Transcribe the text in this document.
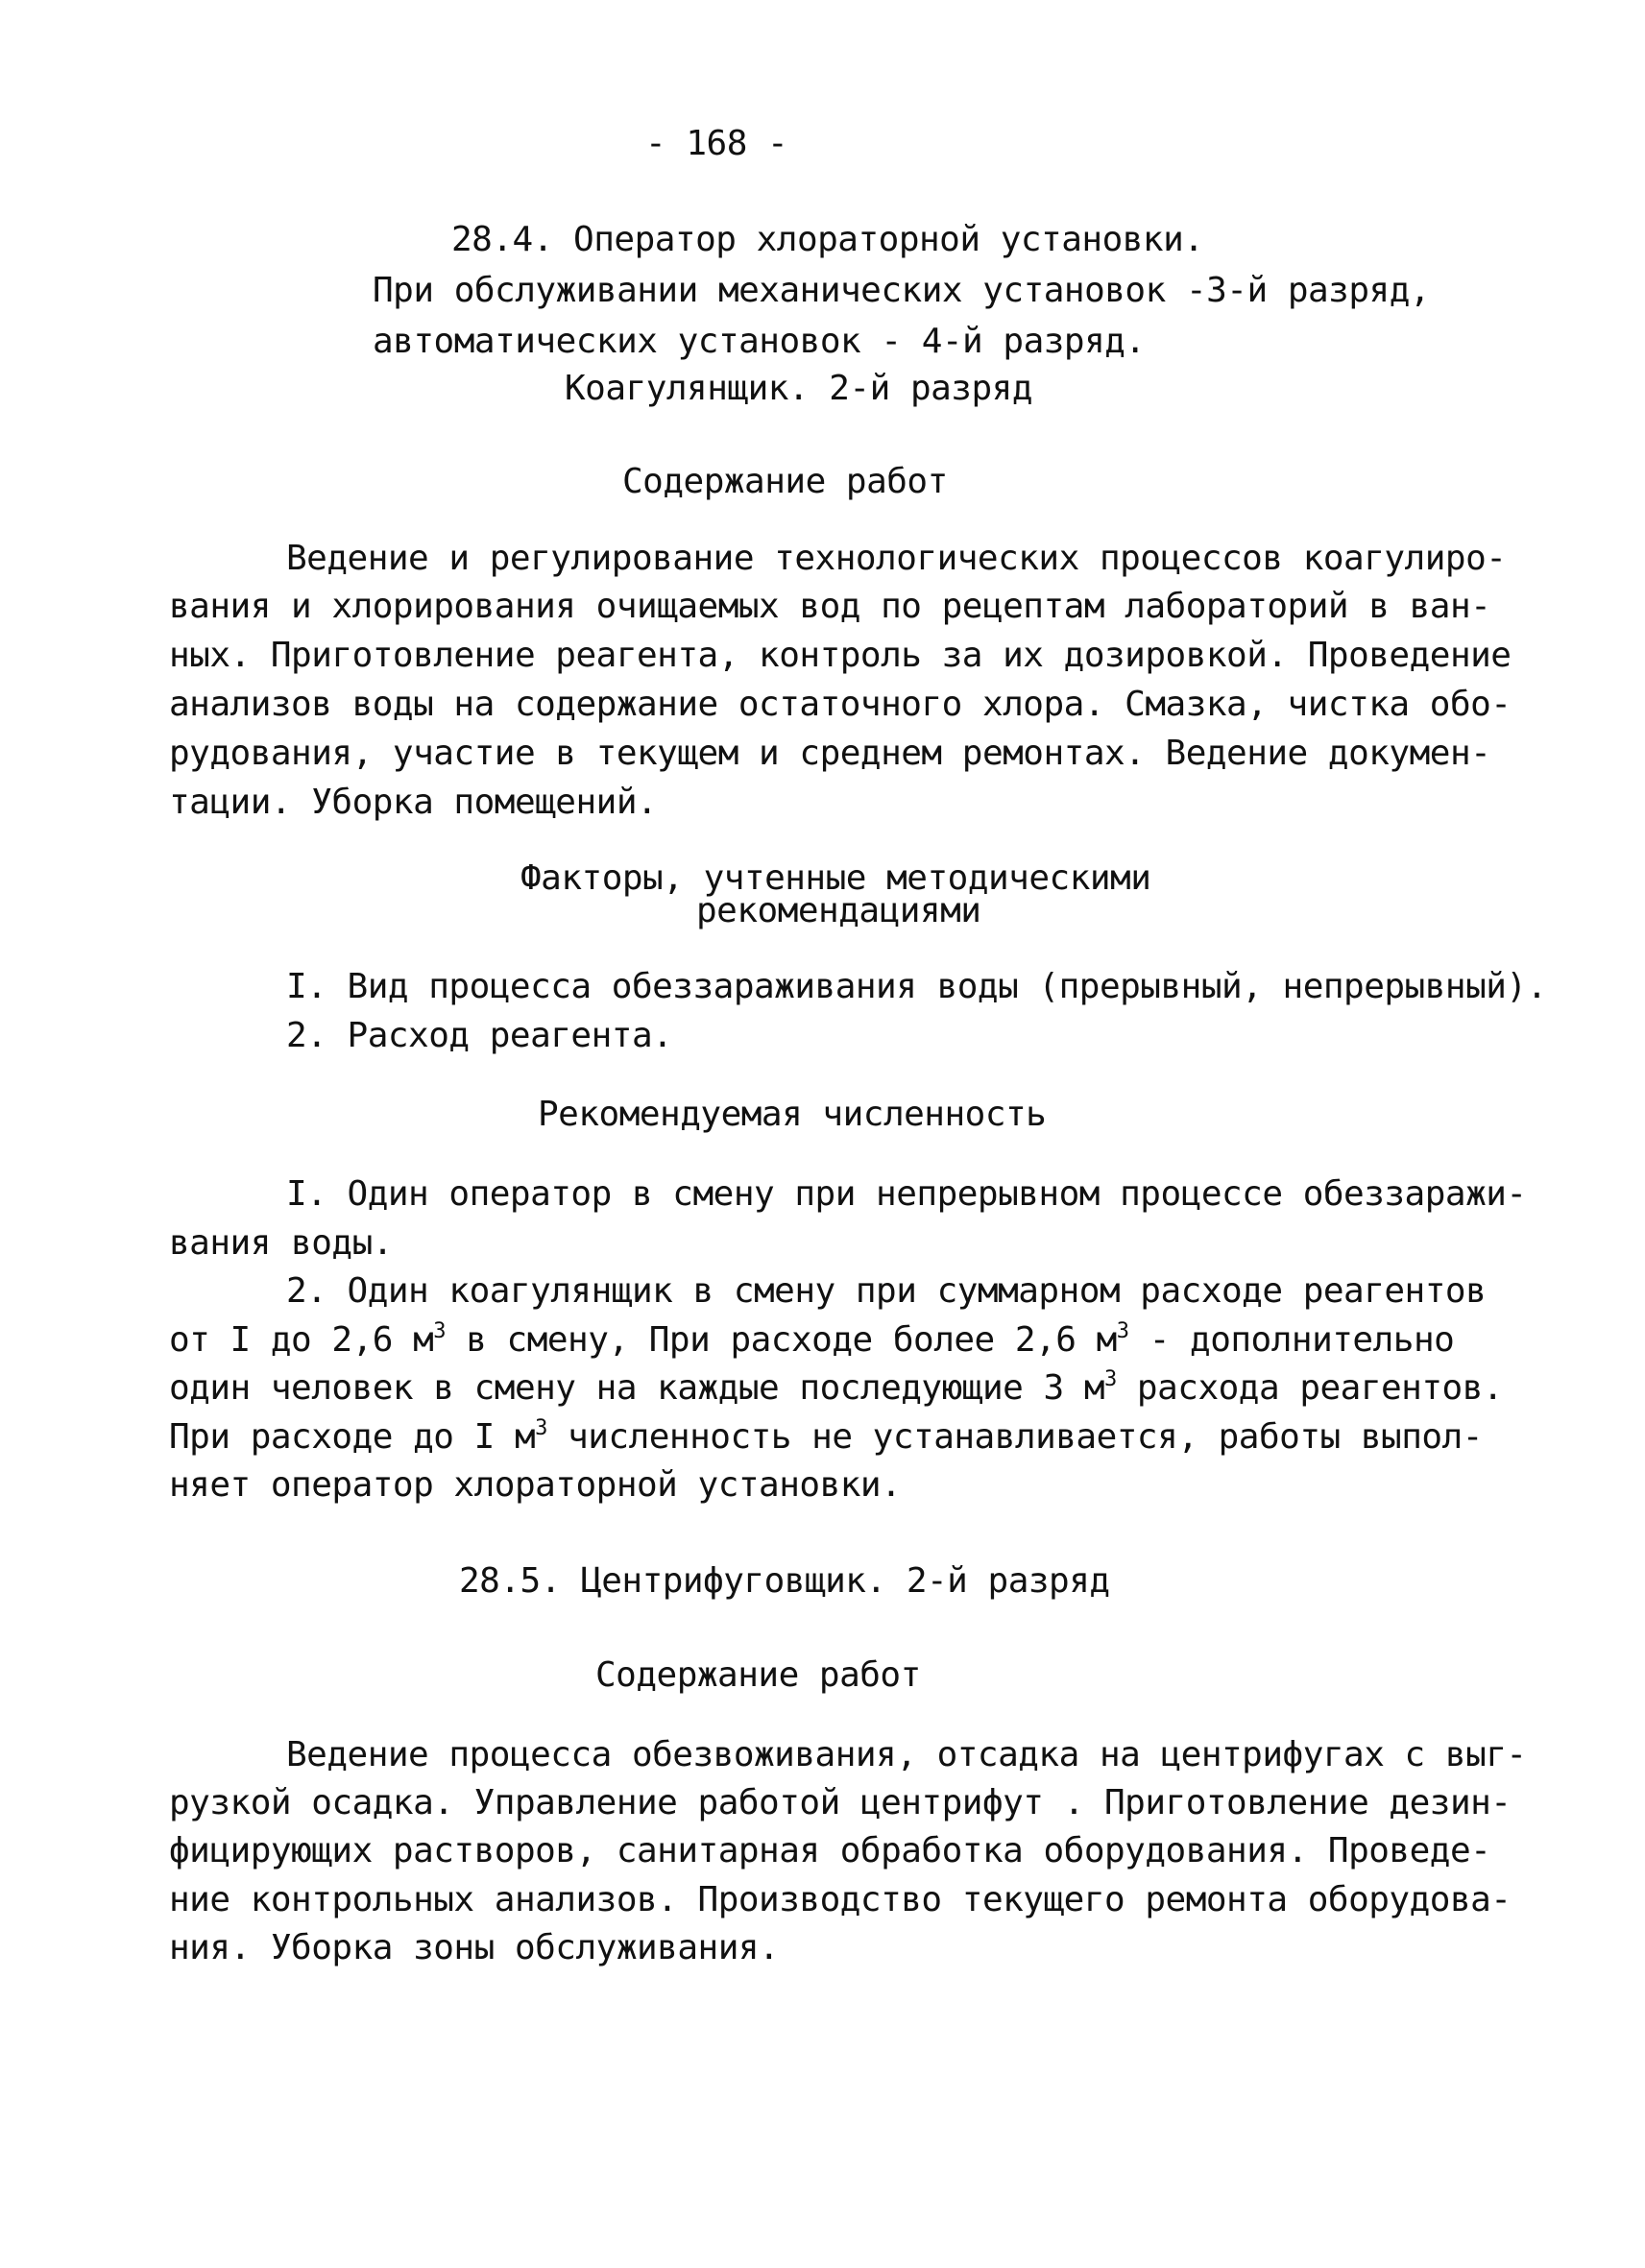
- 168 -
28.4. Оператор хлораторной установки.
При обслуживании механических установок -3-й разряд,
автоматических установок - 4-й разряд.
Коагулянщик. 2-й разряд
Содержание работ
Ведение и регулирование технологических процессов коагулиро-
вания и хлорирования очищаемых вод по рецептам лабораторий в ван-
ных. Приготовление реагента, контроль за их дозировкой. Проведение
анализов воды на содержание остаточного хлора. Смазка, чистка обо-
рудования, участие в текущем и среднем ремонтах. Ведение докумен-
тации. Уборка помещений.
Факторы, учтенные методическими
рекомендациями
I. Вид процесса обеззараживания воды (прерывный, непрерывный).
2. Расход реагента.
Рекомендуемая численность
I. Один оператор в смену при непрерывном процессе обеззаражи-
вания воды.
2. Один коагулянщик в смену при суммарном расходе реагентов
от I до 2,6 $м^3$ в смену, При расходе более 2,6 $м^3$ - дополнительно
один человек в смену на каждые последующие 3 $м^3$ расхода реагентов.
При расходе до I $м^3$ численность не устанавливается, работы выпол-
няет оператор хлораторной установки.
28.5. Центрифуговщик. 2-й разряд
Содержание работ
Ведение процесса обезвоживания, отсадка на центрифугах с выг-
рузкой осадка. Управление работой центрифут . Приготовление дезин-
фицирующих растворов, санитарная обработка оборудования. Проведе-
ние контрольных анализов. Производство текущего ремонта оборудова-
ния. Уборка зоны обслуживания.
